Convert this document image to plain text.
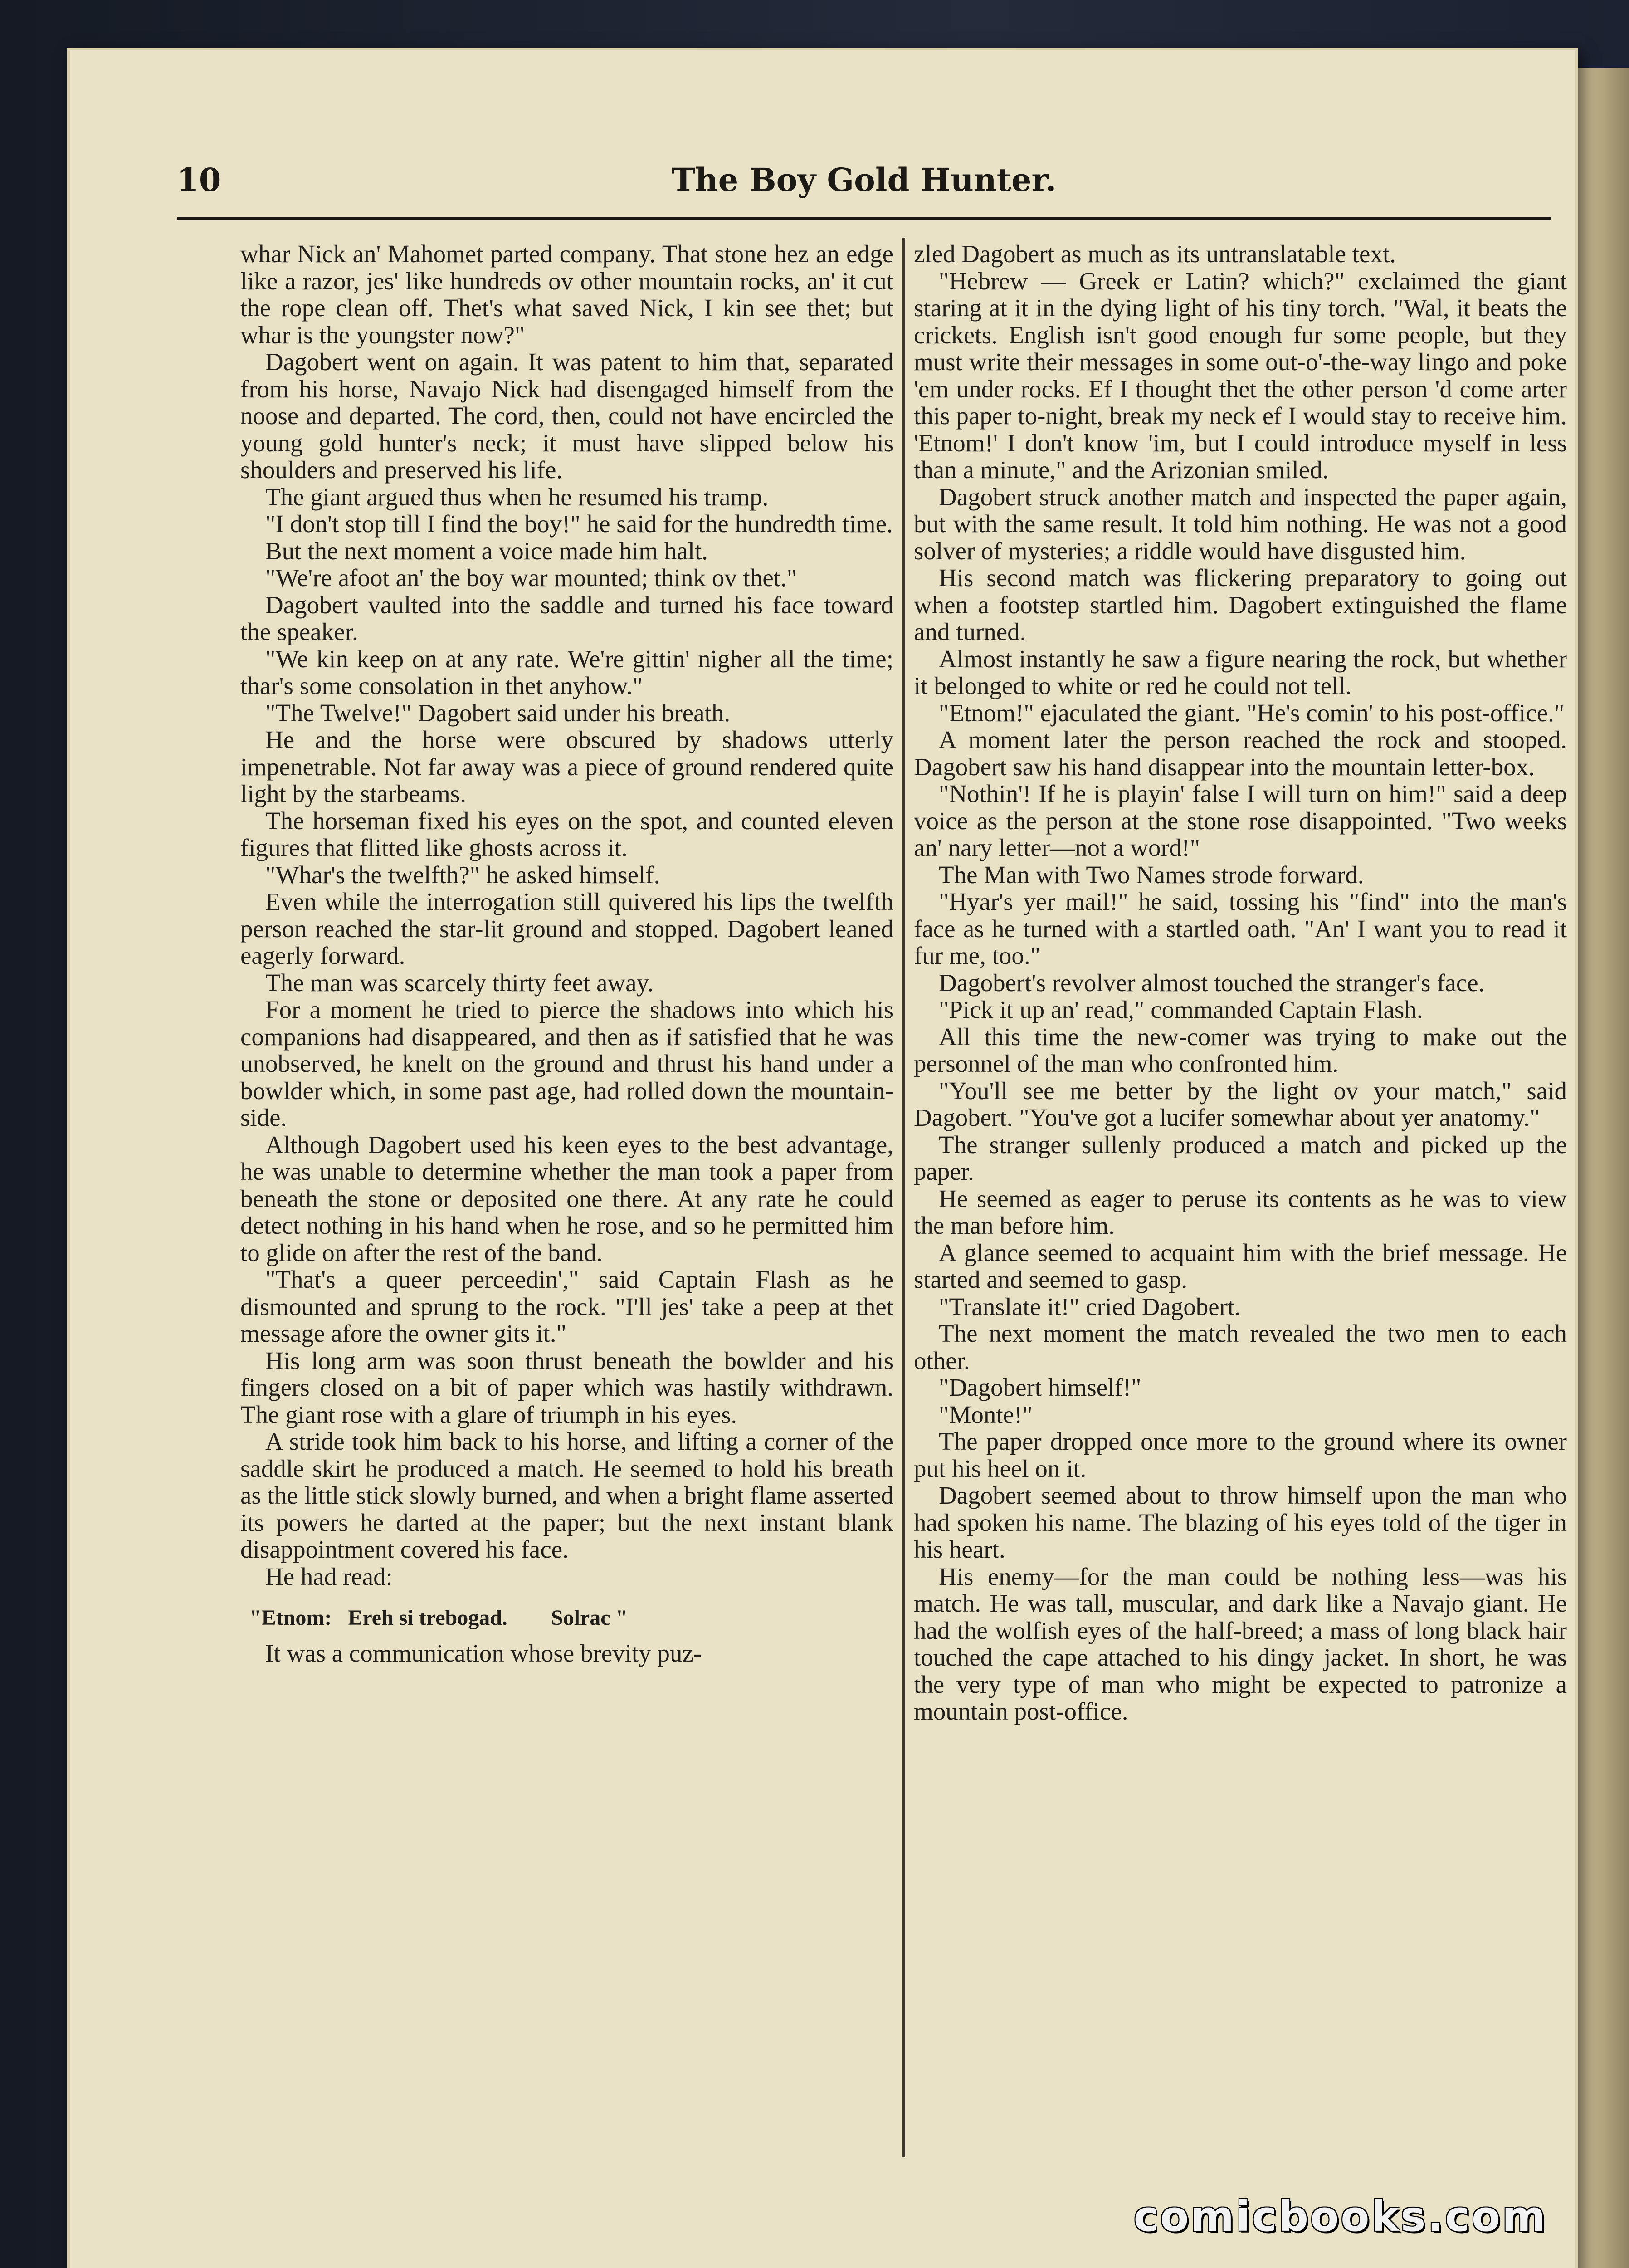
10	The Boy Gold Hunter.

whar Nick an' Mahomet parted company. That stone hez an edge like a razor, jes' like hundreds ov other mountain rocks, an' it cut the rope clean off. Thet's what saved Nick, I kin see thet; but whar is the youngster now?"

Dagobert went on again. It was patent to him that, separated from his horse, Navajo Nick had disengaged himself from the noose and departed. The cord, then, could not have encircled the young gold hunter's neck; it must have slipped below his shoulders and preserved his life.

The giant argued thus when he resumed his tramp.

"I don't stop till I find the boy!" he said for the hundredth time.

But the next moment a voice made him halt.

"We're afoot an' the boy war mounted; think ov thet."

Dagobert vaulted into the saddle and turned his face toward the speaker.

"We kin keep on at any rate. We're gittin' nigher all the time; thar's some consolation in thet anyhow."

"The Twelve!" Dagobert said under his breath.

He and the horse were obscured by shadows utterly impenetrable. Not far away was a piece of ground rendered quite light by the starbeams.

The horseman fixed his eyes on the spot, and counted eleven figures that flitted like ghosts across it.

"Whar's the twelfth?" he asked himself.

Even while the interrogation still quivered his lips the twelfth person reached the star-lit ground and stopped. Dagobert leaned eagerly forward.

The man was scarcely thirty feet away.

For a moment he tried to pierce the shadows into which his companions had disappeared, and then as if satisfied that he was unobserved, he knelt on the ground and thrust his hand under a bowlder which, in some past age, had rolled down the mountain-side.

Although Dagobert used his keen eyes to the best advantage, he was unable to determine whether the man took a paper from beneath the stone or deposited one there. At any rate he could detect nothing in his hand when he rose, and so he permitted him to glide on after the rest of the band.

"That's a queer perceedin'," said Captain Flash as he dismounted and sprung to the rock. "I'll jes' take a peep at thet message afore the owner gits it."

His long arm was soon thrust beneath the bowlder and his fingers closed on a bit of paper which was hastily withdrawn. The giant rose with a glare of triumph in his eyes.

A stride took him back to his horse, and lifting a corner of the saddle skirt he produced a match. He seemed to hold his breath as the little stick slowly burned, and when a bright flame asserted its powers he darted at the paper; but the next instant blank disappointment covered his face.

He had read:

"Etnom:   Ereh si trebogad.        Solrac "

It was a communication whose brevity puz-

zled Dagobert as much as its untranslatable text.

"Hebrew — Greek er Latin? which?" exclaimed the giant staring at it in the dying light of his tiny torch. "Wal, it beats the crickets. English isn't good enough fur some people, but they must write their messages in some out-o'-the-way lingo and poke 'em under rocks. Ef I thought thet the other person 'd come arter this paper to-night, break my neck ef I would stay to receive him. 'Etnom!' I don't know 'im, but I could introduce myself in less than a minute," and the Arizonian smiled.

Dagobert struck another match and inspected the paper again, but with the same result. It told him nothing. He was not a good solver of mysteries; a riddle would have disgusted him.

His second match was flickering preparatory to going out when a footstep startled him. Dagobert extinguished the flame and turned.

Almost instantly he saw a figure nearing the rock, but whether it belonged to white or red he could not tell.

"Etnom!" ejaculated the giant. "He's comin' to his post-office."

A moment later the person reached the rock and stooped. Dagobert saw his hand disappear into the mountain letter-box.

"Nothin'! If he is playin' false I will turn on him!" said a deep voice as the person at the stone rose disappointed. "Two weeks an' nary letter—not a word!"

The Man with Two Names strode forward.

"Hyar's yer mail!" he said, tossing his "find" into the man's face as he turned with a startled oath. "An' I want you to read it fur me, too."

Dagobert's revolver almost touched the stranger's face.

"Pick it up an' read," commanded Captain Flash.

All this time the new-comer was trying to make out the personnel of the man who confronted him.

"You'll see me better by the light ov your match," said Dagobert. "You've got a lucifer somewhar about yer anatomy."

The stranger sullenly produced a match and picked up the paper.

He seemed as eager to peruse its contents as he was to view the man before him.

A glance seemed to acquaint him with the brief message. He started and seemed to gasp.

"Translate it!" cried Dagobert.

The next moment the match revealed the two men to each other.

"Dagobert himself!"

"Monte!"

The paper dropped once more to the ground where its owner put his heel on it.

Dagobert seemed about to throw himself upon the man who had spoken his name. The blazing of his eyes told of the tiger in his heart.

His enemy—for the man could be nothing less—was his match. He was tall, muscular, and dark like a Navajo giant. He had the wolfish eyes of the half-breed; a mass of long black hair touched the cape attached to his dingy jacket. In short, he was the very type of man who might be expected to patronize a mountain post-office.

comicbooks.com
